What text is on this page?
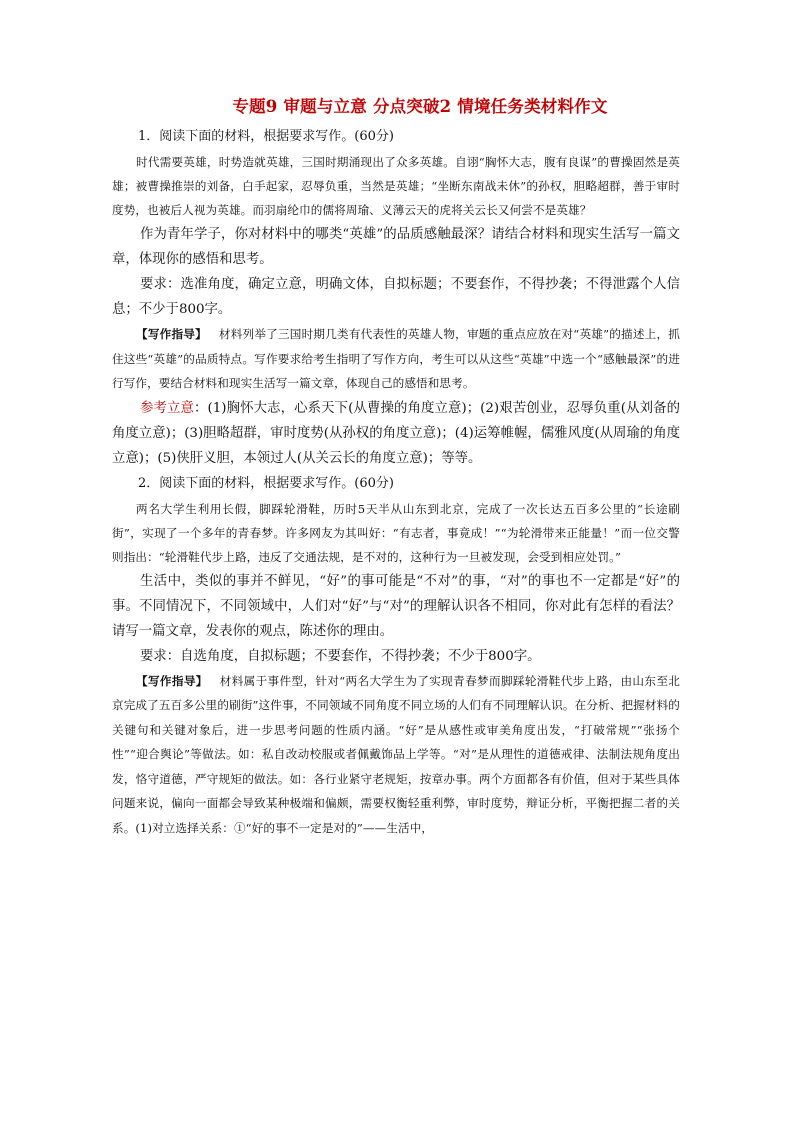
专题9 审题与立意 分点突破2 情境任务类材料作文
1．阅读下面的材料，根据要求写作。(60分)

时代需要英雄，时势造就英雄，三国时期涌现出了众多英雄。自诩“胸怀大志，腹有良谋”的曹操固然是英雄；被曹操推崇的刘备，白手起家，忍辱负重，当然是英雄；“坐断东南战未休”的孙权，胆略超群，善于审时度势，也被后人视为英雄。而羽扇纶巾的儒将周瑜、义薄云天的虎将关云长又何尝不是英雄？

作为青年学子，你对材料中的哪类“英雄”的品质感触最深？请结合材料和现实生活写一篇文章，体现你的感悟和思考。

要求：选准角度，确定立意，明确文体，自拟标题；不要套作，不得抄袭；不得泄露个人信息；不少于800字。

【写作指导】 材料列举了三国时期几类有代表性的英雄人物，审题的重点应放在对“英雄”的描述上，抓住这些“英雄”的品质特点。写作要求给考生指明了写作方向，考生可以从这些“英雄”中选一个“感触最深”的进行写作，要结合材料和现实生活写一篇文章，体现自己的感悟和思考。

参考立意：(1)胸怀大志，心系天下(从曹操的角度立意)；(2)艰苦创业，忍辱负重(从刘备的角度立意)；(3)胆略超群，审时度势(从孙权的角度立意)；(4)运筹帷幄，儒雅风度(从周瑜的角度立意)；(5)侠肝义胆，本领过人(从关云长的角度立意)；等等。

2．阅读下面的材料，根据要求写作。(60分)

两名大学生利用长假，脚踩轮滑鞋，历时5天半从山东到北京，完成了一次长达五百多公里的“长途刷街”，实现了一个多年的青春梦。许多网友为其叫好：“有志者，事竟成！”“为轮滑带来正能量！”而一位交警则指出：“轮滑鞋代步上路，违反了交通法规，是不对的，这种行为一旦被发现，会受到相应处罚。”

生活中，类似的事并不鲜见，“好”的事可能是“不对”的事，“对”的事也不一定都是“好”的事。不同情况下，不同领域中，人们对“好”与“对”的理解认识各不相同，你对此有怎样的看法？请写一篇文章，发表你的观点，陈述你的理由。

要求：自选角度，自拟标题；不要套作，不得抄袭；不少于800字。

【写作指导】 材料属于事件型，针对“两名大学生为了实现青春梦而脚踩轮滑鞋代步上路，由山东至北京完成了五百多公里的刷街”这件事，不同领域不同角度不同立场的人们有不同理解认识。在分析、把握材料的关键句和关键对象后，进一步思考问题的性质内涵。“好”是从感性或审美角度出发，“打破常规”“张扬个性”“迎合舆论”等做法。如：私自改动校服或者佩戴饰品上学等。“对”是从理性的道德戒律、法制法规角度出发，恪守道德，严守规矩的做法。如：各行业紧守老规矩，按章办事。两个方面都各有价值，但对于某些具体问题来说，偏向一面都会导致某种极端和偏颇，需要权衡轻重利弊，审时度势，辩证分析，平衡把握二者的关系。(1)对立选择关系：①“好的事不一定是对的”——生活中，
